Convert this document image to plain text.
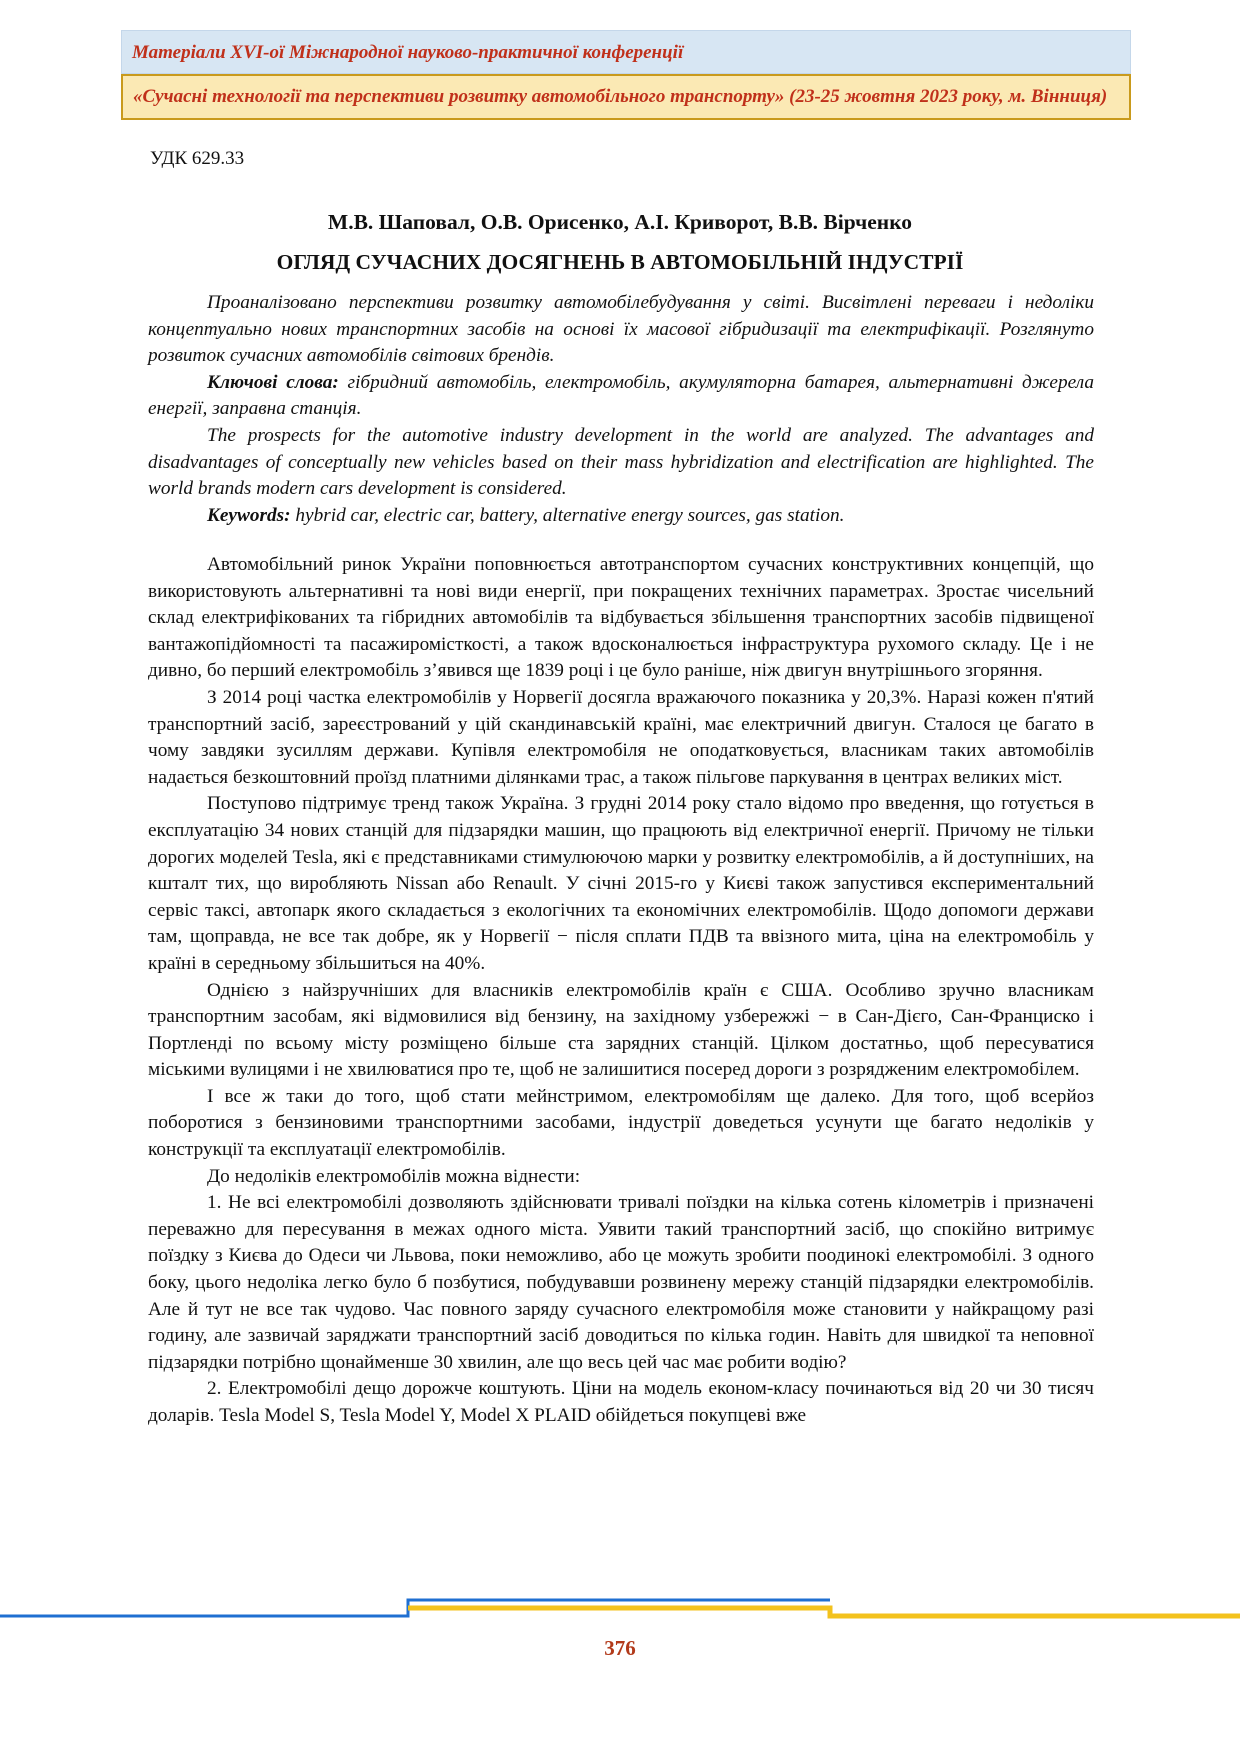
Матеріали XVI-ої Міжнародної науково-практичної конференції
«Сучасні технології та перспективи розвитку автомобільного транспорту» (23-25 жовтня 2023 року, м. Вінниця)
УДК 629.33
М.В. Шаповал, О.В. Орисенко, А.І. Криворот, В.В. Вірченко
ОГЛЯД СУЧАСНИХ ДОСЯГНЕНЬ В АВТОМОБІЛЬНІЙ ІНДУСТРІЇ

Проаналізовано перспективи розвитку автомобілебудування у світі. Висвітлені переваги і недоліки концептуально нових транспортних засобів на основі їх масової гібридизації та електрифікації. Розглянуто розвиток сучасних автомобілів світових брендів.

Ключові слова: гібридний автомобіль, електромобіль, акумуляторна батарея, альтернативні джерела енергії, заправна станція.

The prospects for the automotive industry development in the world are analyzed. The advantages and disadvantages of conceptually new vehicles based on their mass hybridization and electrification are highlighted. The world brands modern cars development is considered.

Keywords: hybrid car, electric car, battery, alternative energy sources, gas station.

Автомобільний ринок України поповнюється автотранспортом сучасних конструктивних концепцій, що використовують альтернативні та нові види енергії, при покращених технічних параметрах. Зростає чисельний склад електрифікованих та гібридних автомобілів та відбувається збільшення транспортних засобів підвищеної вантажопідйомності та пасажиромісткості, а також вдосконалюється інфраструктура рухомого складу. Це і не дивно, бо перший електромобіль з’явився ще 1839 році і це було раніше, ніж двигун внутрішнього згоряння.

З 2014 році частка електромобілів у Норвегії досягла вражаючого показника у 20,3%. Наразі кожен п'ятий транспортний засіб, зареєстрований у цій скандинавській країні, має електричний двигун. Сталося це багато в чому завдяки зусиллям держави. Купівля електромобіля не оподатковується, власникам таких автомобілів надається безкоштовний проїзд платними ділянками трас, а також пільгове паркування в центрах великих міст.

Поступово підтримує тренд також Україна. З грудні 2014 року стало відомо про введення, що готується в експлуатацію 34 нових станцій для підзарядки машин, що працюють від електричної енергії. Причому не тільки дорогих моделей Tesla, які є представниками стимулюючою марки у розвитку електромобілів, а й доступніших, на кшталт тих, що виробляють Nissan або Renault. У січні 2015-го у Києві також запустився експериментальний сервіс таксі, автопарк якого складається з екологічних та економічних електромобілів. Щодо допомоги держави там, щоправда, не все так добре, як у Норвегії − після сплати ПДВ та ввізного мита, ціна на електромобіль у країні в середньому збільшиться на 40%.

Однією з найзручніших для власників електромобілів країн є США. Особливо зручно власникам транспортним засобам, які відмовилися від бензину, на західному узбережжі − в Сан-Дієго, Сан-Франциско і Портленді по всьому місту розміщено більше ста зарядних станцій. Цілком достатньо, щоб пересуватися міськими вулицями і не хвилюватися про те, щоб не залишитися посеред дороги з розрядженим електромобілем.

І все ж таки до того, щоб стати мейнстримом, електромобілям ще далеко. Для того, щоб всерйоз поборотися з бензиновими транспортними засобами, індустрії доведеться усунути ще багато недоліків у конструкції та експлуатації електромобілів.

До недоліків електромобілів можна віднести:

1. Не всі електромобілі дозволяють здійснювати тривалі поїздки на кілька сотень кілометрів і призначені переважно для пересування в межах одного міста. Уявити такий транспортний засіб, що спокійно витримує поїздку з Києва до Одеси чи Львова, поки неможливо, або це можуть зробити поодинокі електромобілі. З одного боку, цього недоліка легко було б позбутися, побудувавши розвинену мережу станцій підзарядки електромобілів. Але й тут не все так чудово. Час повного заряду сучасного електромобіля може становити у найкращому разі годину, але зазвичай заряджати транспортний засіб доводиться по кілька годин. Навіть для швидкої та неповної підзарядки потрібно щонайменше 30 хвилин, але що весь цей час має робити водію?

2. Електромобілі дещо дорожче коштують. Ціни на модель економ-класу починаються від 20 чи 30 тисяч доларів. Tesla Model S, Tesla Model Y, Model X PLAID обійдеться покупцеві вже

376
